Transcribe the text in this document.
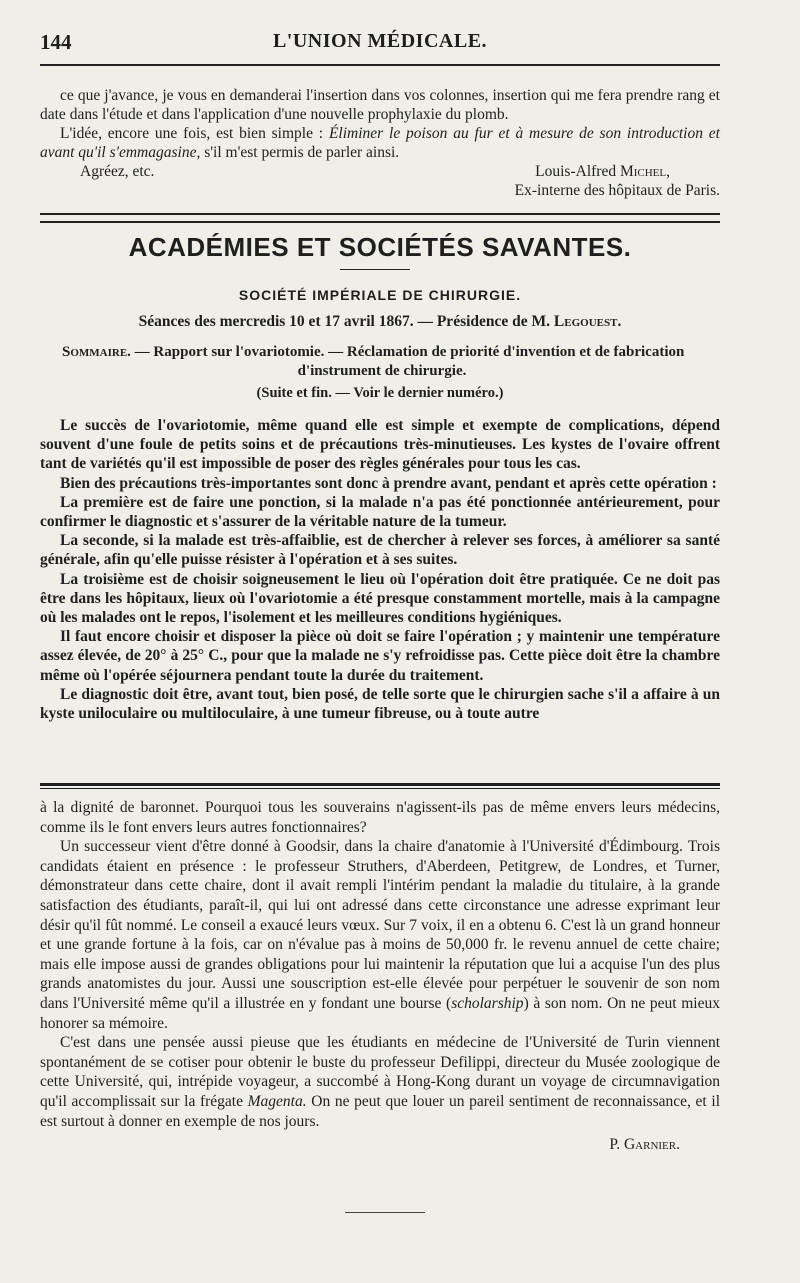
144	L'UNION MÉDICALE.

ce que j'avance, je vous en demanderai l'insertion dans vos colonnes, insertion qui me fera prendre rang et date dans l'étude et dans l'application d'une nouvelle prophylaxie du plomb.

L'idée, encore une fois, est bien simple : Éliminer le poison au fur et à mesure de son introduction et avant qu'il s'emmagasine, s'il m'est permis de parler ainsi.

Agréez, etc.	Louis-Alfred Michel,
Ex-interne des hôpitaux de Paris.
ACADÉMIES ET SOCIÉTÉS SAVANTES.
SOCIÉTÉ IMPÉRIALE DE CHIRURGIE.
Séances des mercredis 10 et 17 avril 1867. — Présidence de M. Legouest.
Sommaire. — Rapport sur l'ovariotomie. — Réclamation de priorité d'invention et de fabrication
d'instrument de chirurgie.
(Suite et fin. — Voir le dernier numéro.)

Le succès de l'ovariotomie, même quand elle est simple et exempte de complications, dépend souvent d'une foule de petits soins et de précautions très-minutieuses. Les kystes de l'ovaire offrent tant de variétés qu'il est impossible de poser des règles générales pour tous les cas.

Bien des précautions très-importantes sont donc à prendre avant, pendant et après cette opération :

La première est de faire une ponction, si la malade n'a pas été ponctionnée antérieurement, pour confirmer le diagnostic et s'assurer de la véritable nature de la tumeur.

La seconde, si la malade est très-affaiblie, est de chercher à relever ses forces, à améliorer sa santé générale, afin qu'elle puisse résister à l'opération et à ses suites.

La troisième est de choisir soigneusement le lieu où l'opération doit être pratiquée. Ce ne doit pas être dans les hôpitaux, lieux où l'ovariotomie a été presque constamment mortelle, mais à la campagne où les malades ont le repos, l'isolement et les meilleures conditions hygiéniques.

Il faut encore choisir et disposer la pièce où doit se faire l'opération ; y maintenir une température assez élevée, de 20° à 25° C., pour que la malade ne s'y refroidisse pas. Cette pièce doit être la chambre même où l'opérée séjournera pendant toute la durée du traitement.

Le diagnostic doit être, avant tout, bien posé, de telle sorte que le chirurgien sache s'il a affaire à un kyste uniloculaire ou multiloculaire, à une tumeur fibreuse, ou à toute autre

à la dignité de baronnet. Pourquoi tous les souverains n'agissent-ils pas de même envers leurs médecins, comme ils le font envers leurs autres fonctionnaires?

Un successeur vient d'être donné à Goodsir, dans la chaire d'anatomie à l'Université d'Édimbourg. Trois candidats étaient en présence : le professeur Struthers, d'Aberdeen, Petitgrew, de Londres, et Turner, démonstrateur dans cette chaire, dont il avait rempli l'intérim pendant la maladie du titulaire, à la grande satisfaction des étudiants, paraît-il, qui lui ont adressé dans cette circonstance une adresse exprimant leur désir qu'il fût nommé. Le conseil a exaucé leurs vœux. Sur 7 voix, il en a obtenu 6. C'est là un grand honneur et une grande fortune à la fois, car on n'évalue pas à moins de 50,000 fr. le revenu annuel de cette chaire; mais elle impose aussi de grandes obligations pour lui maintenir la réputation que lui a acquise l'un des plus grands anatomistes du jour. Aussi une souscription est-elle élevée pour perpétuer le souvenir de son nom dans l'Université même qu'il a illustrée en y fondant une bourse (scholarship) à son nom. On ne peut mieux honorer sa mémoire.

C'est dans une pensée aussi pieuse que les étudiants en médecine de l'Université de Turin viennent spontanément de se cotiser pour obtenir le buste du professeur Defilippi, directeur du Musée zoologique de cette Université, qui, intrépide voyageur, a succombé à Hong-Kong durant un voyage de circumnavigation qu'il accomplissait sur la frégate Magenta. On ne peut que louer un pareil sentiment de reconnaissance, et il est surtout à donner en exemple de nos jours.

P. Garnier.
